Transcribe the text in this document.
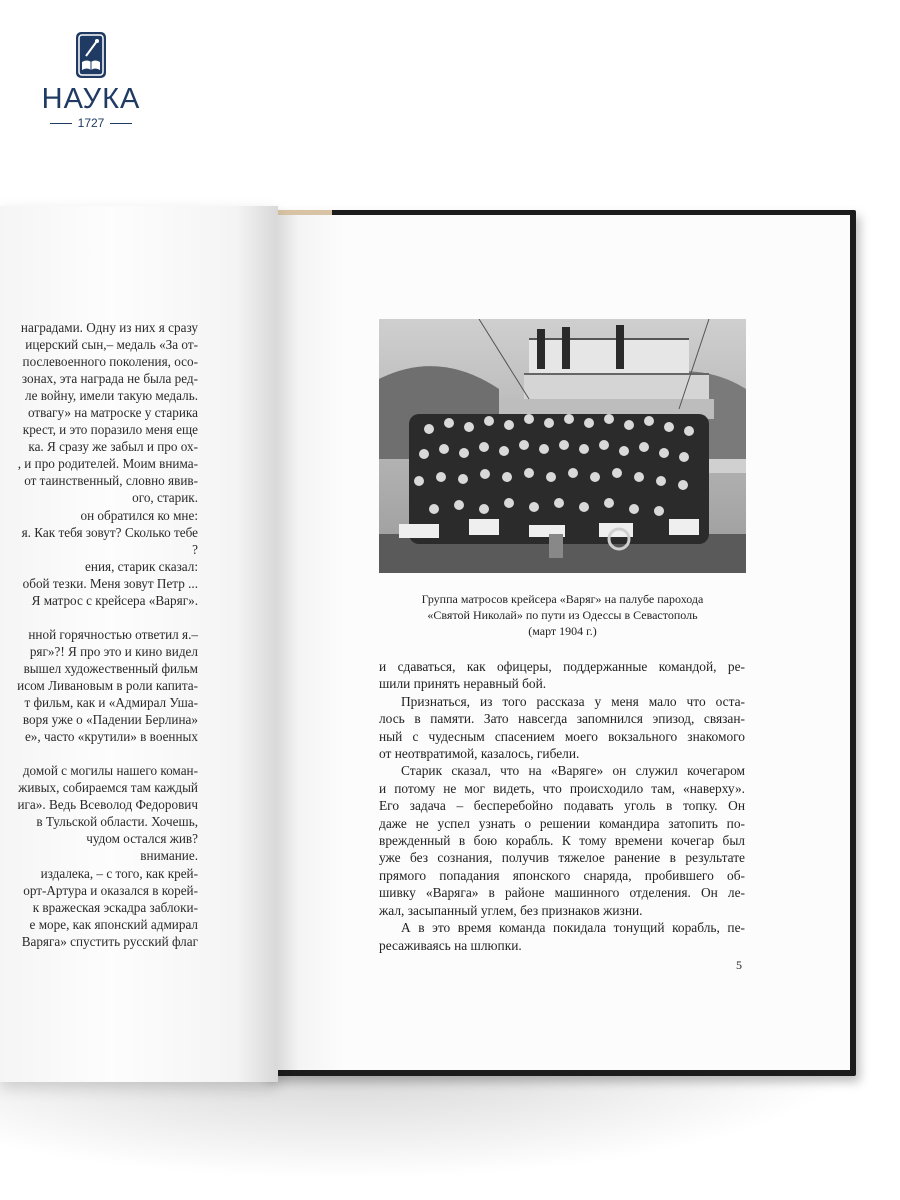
НАУКА
1727
наградами. Одну из них я сразу
ицерский сын,– медаль «За от-
послевоенного поколения, осо-
зонах, эта награда не была ред-
ле войну, имели такую медаль.
отвагу» на матроске у старика
крест, и это поразило меня еще
ка. Я сразу же забыл и про ох-
, и про родителей. Моим внима-
от таинственный, словно явив-
ого, старик.
он обратился ко мне:
я. Как тебя зовут? Сколько тебе
?
ения, старик сказал:
обой тезки. Меня зовут Петр ...
Я матрос с крейсера «Варяг».

нной горячностью ответил я.–
ряг»?! Я про это и кино видел
вышел художественный фильм
исом Ливановым в роли капита-
т фильм, как и «Адмирал Уша-
воря уже о «Падении Берлина»
е», часто «крутили» в военных

домой с могилы нашего коман-
живых, собираемся там каждый
ига». Ведь Всеволод Федорович
в Тульской области. Хочешь,
чудом остался жив?
внимание.
издалека, – с того, как крей-
орт-Артура и оказался в корей-
к вражеская эскадра заблоки-
е море, как японский адмирал
Варяга» спустить русский флаг
Группа матросов крейсера «Варяг» на палубе парохода
«Святой Николай» по пути из Одессы в Севастополь
(март 1904 г.)
и сдаваться, как офицеры, поддержанные командой, ре-
шили принять неравный бой.
Признаться, из того рассказа у меня мало что оста-
лось в памяти. Зато навсегда запомнился эпизод, связан-
ный с чудесным спасением моего вокзального знакомого
от неотвратимой, казалось, гибели.
Старик сказал, что на «Варяге» он служил кочегаром
и потому не мог видеть, что происходило там, «наверху».
Его задача – бесперебойно подавать уголь в топку. Он
даже не успел узнать о решении командира затопить по-
врежденный в бою корабль. К тому времени кочегар был
уже без сознания, получив тяжелое ранение в результате
прямого попадания японского снаряда, пробившего об-
шивку «Варяга» в районе машинного отделения. Он ле-
жал, засыпанный углем, без признаков жизни.
А в это время команда покидала тонущий корабль, пе-
ресаживаясь на шлюпки.
5
